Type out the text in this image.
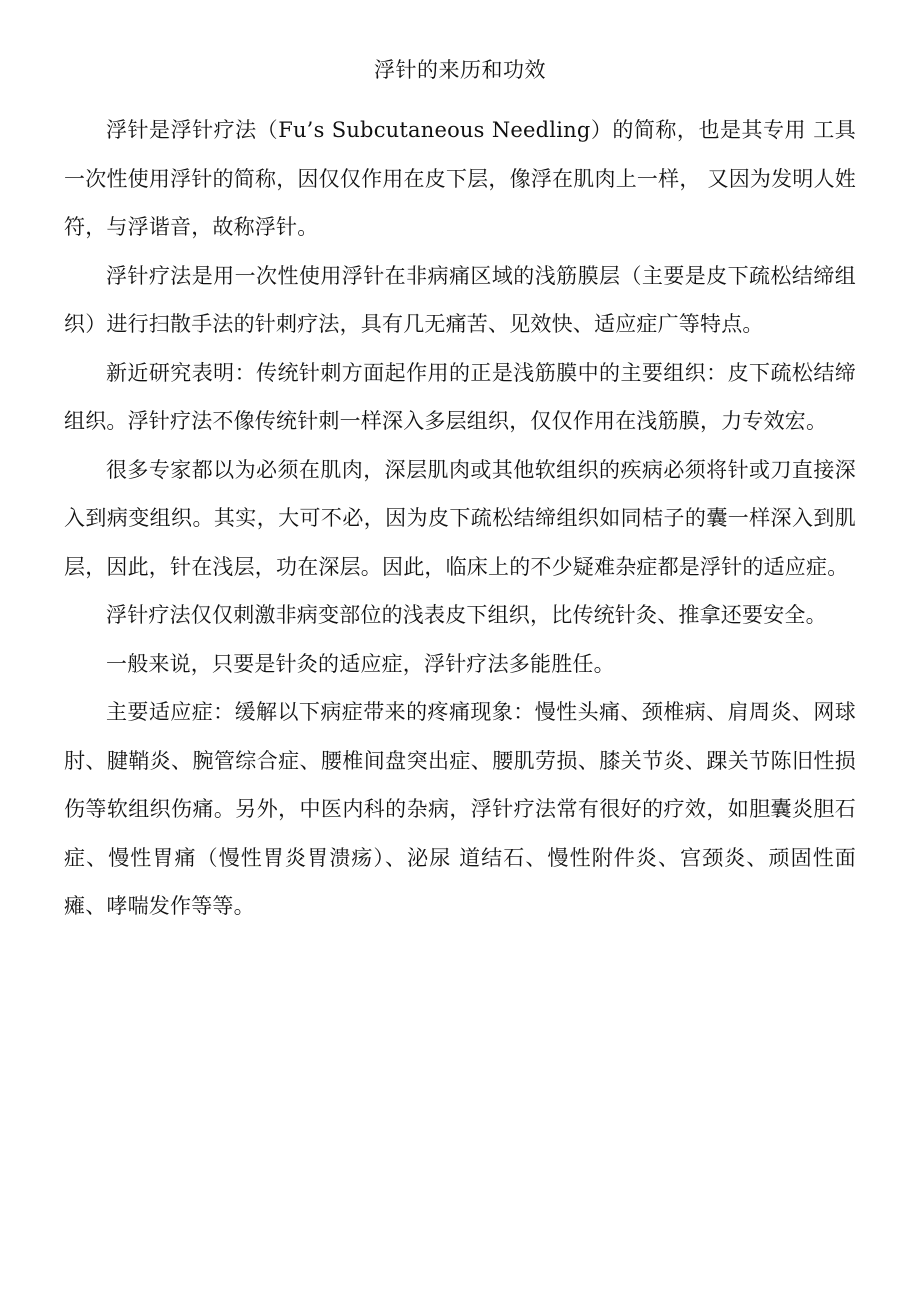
浮针的来历和功效

浮针是浮针疗法（Fu’s Subcutaneous Needling）的简称，也是其专用 工具一次性使用浮针的简称，因仅仅作用在皮下层，像浮在肌肉上一样， 又因为发明人姓符，与浮谐音，故称浮针。

浮针疗法是用一次性使用浮针在非病痛区域的浅筋膜层（主要是皮下疏松结缔组织）进行扫散手法的针刺疗法，具有几无痛苦、见效快、适应症广等特点。

新近研究表明：传统针刺方面起作用的正是浅筋膜中的主要组织：皮下疏松结缔组织。浮针疗法不像传统针刺一样深入多层组织，仅仅作用在浅筋膜，力专效宏。

很多专家都以为必须在肌肉，深层肌肉或其他软组织的疾病必须将针或刀直接深入到病变组织。其实，大可不必，因为皮下疏松结缔组织如同桔子的囊一样深入到肌层，因此，针在浅层，功在深层。因此，临床上的不少疑难杂症都是浮针的适应症。

浮针疗法仅仅刺激非病变部位的浅表皮下组织，比传统针灸、推拿还要安全。

一般来说，只要是针灸的适应症，浮针疗法多能胜任。

主要适应症：缓解以下病症带来的疼痛现象：慢性头痛、颈椎病、肩周炎、网球肘、腱鞘炎、腕管综合症、腰椎间盘突出症、腰肌劳损、膝关节炎、踝关节陈旧性损伤等软组织伤痛。另外，中医内科的杂病，浮针疗法常有很好的疗效，如胆囊炎胆石症、慢性胃痛（慢性胃炎胃溃疡）、泌尿 道结石、慢性附件炎、宫颈炎、顽固性面瘫、哮喘发作等等。
